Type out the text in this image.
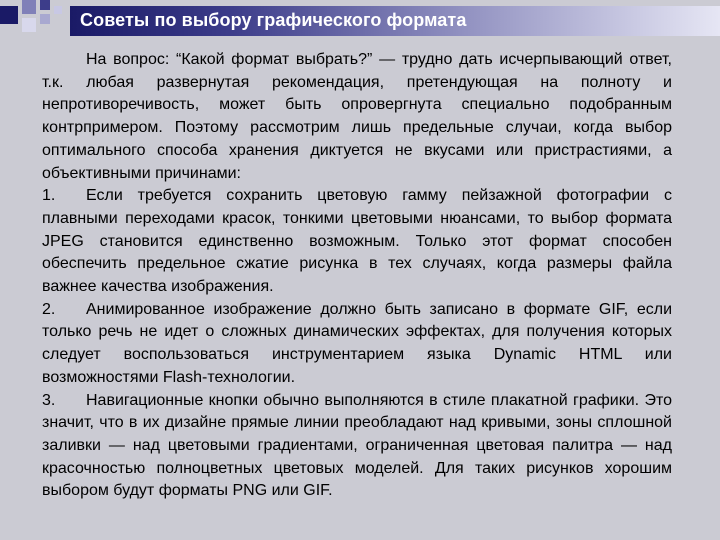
Советы по выбору графического формата

На вопрос: “Какой формат выбрать?” — трудно дать исчерпывающий ответ, т.к. любая развернутая рекомендация, претендующая на полноту и непротиворечивость, может быть опровергнута специально подобранным контрпримером. Поэтому рассмотрим лишь предельные случаи, когда выбор оптимального способа хранения диктуется не вкусами или пристрастиями, а объективными причинами:

1. Если требуется сохранить цветовую гамму пейзажной фотографии с плавными переходами красок, тонкими цветовыми нюансами, то выбор формата JPEG становится единственно возможным. Только этот формат способен обеспечить предельное сжатие рисунка в тех случаях, когда размеры файла важнее качества изображения.

2. Анимированное изображение должно быть записано в формате GIF, если только речь не идет о сложных динамических эффектах, для получения которых следует воспользоваться инструментарием языка Dynamic HTML или возможностями Flash-технологии.

3. Навигационные кнопки обычно выполняются в стиле плакатной графики. Это значит, что в их дизайне прямые линии преобладают над кривыми, зоны сплошной заливки — над цветовыми градиентами, ограниченная цветовая палитра — над красочностью полноцветных цветовых моделей. Для таких рисунков хорошим выбором будут форматы PNG или GIF.
